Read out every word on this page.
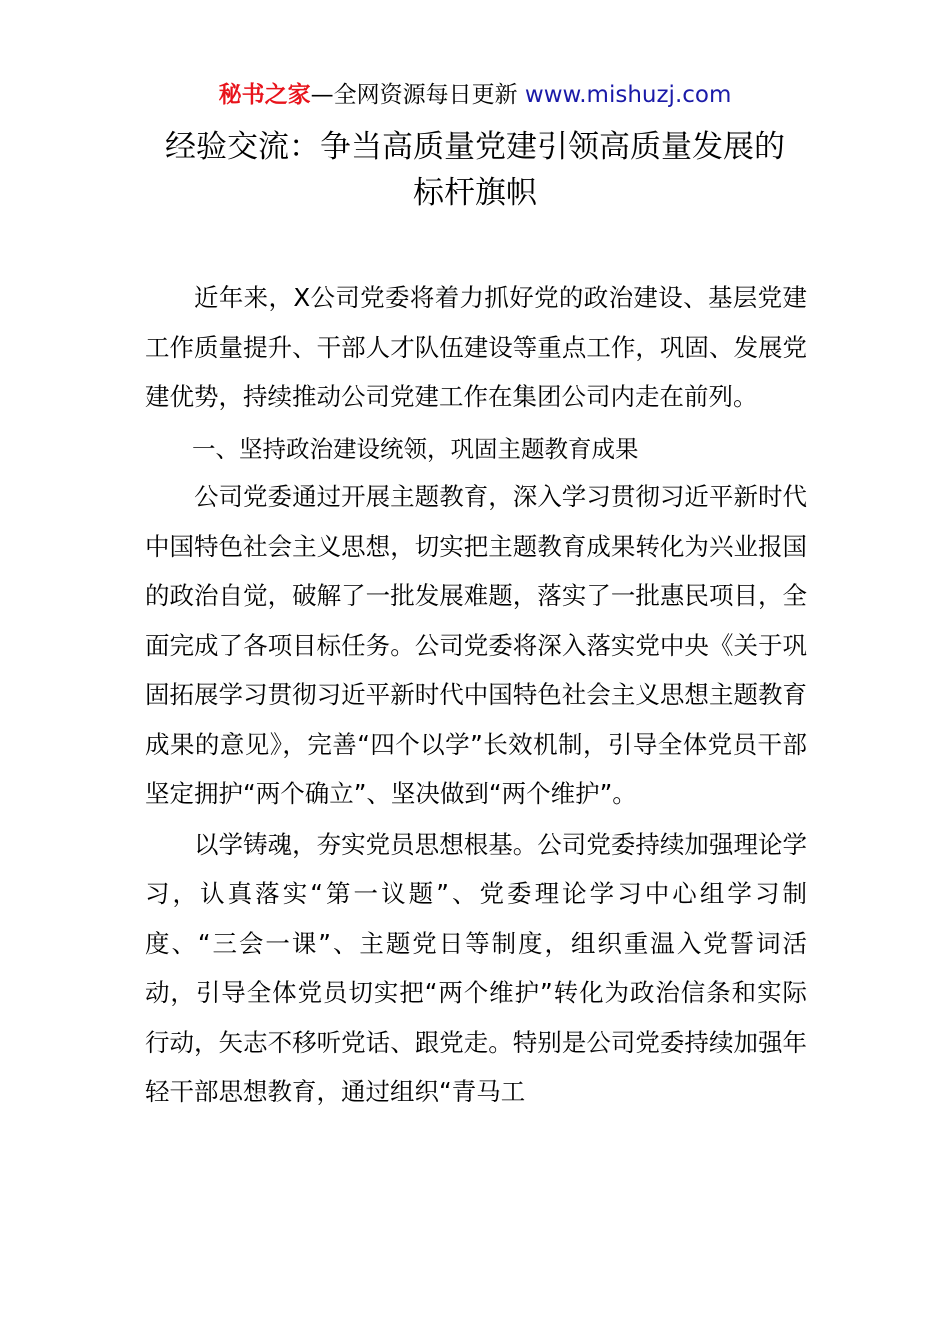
秘书之家—全网资源每日更新 www.mishuzj.com
经验交流：争当高质量党建引领高质量发展的
标杆旗帜

近年来，X公司党委将着力抓好党的政治建设、基层党建工作质量提升、干部人才队伍建设等重点工作，巩固、发展党建优势，持续推动公司党建工作在集团公司内走在前列。

一、坚持政治建设统领，巩固主题教育成果

公司党委通过开展主题教育，深入学习贯彻习近平新时代中国特色社会主义思想，切实把主题教育成果转化为兴业报国的政治自觉，破解了一批发展难题，落实了一批惠民项目，全面完成了各项目标任务。公司党委将深入落实党中央《关于巩固拓展学习贯彻习近平新时代中国特色社会主义思想主题教育成果的意见》，完善“四个以学”长效机制，引导全体党员干部坚定拥护“两个确立”、坚决做到“两个维护”。

以学铸魂，夯实党员思想根基。公司党委持续加强理论学习，认真落实“第一议题”、党委理论学习中心组学习制度、“三会一课”、主题党日等制度，组织重温入党誓词活动，引导全体党员切实把“两个维护”转化为政治信条和实际行动，矢志不移听党话、跟党走。特别是公司党委持续加强年轻干部思想教育，通过组织“青马工
